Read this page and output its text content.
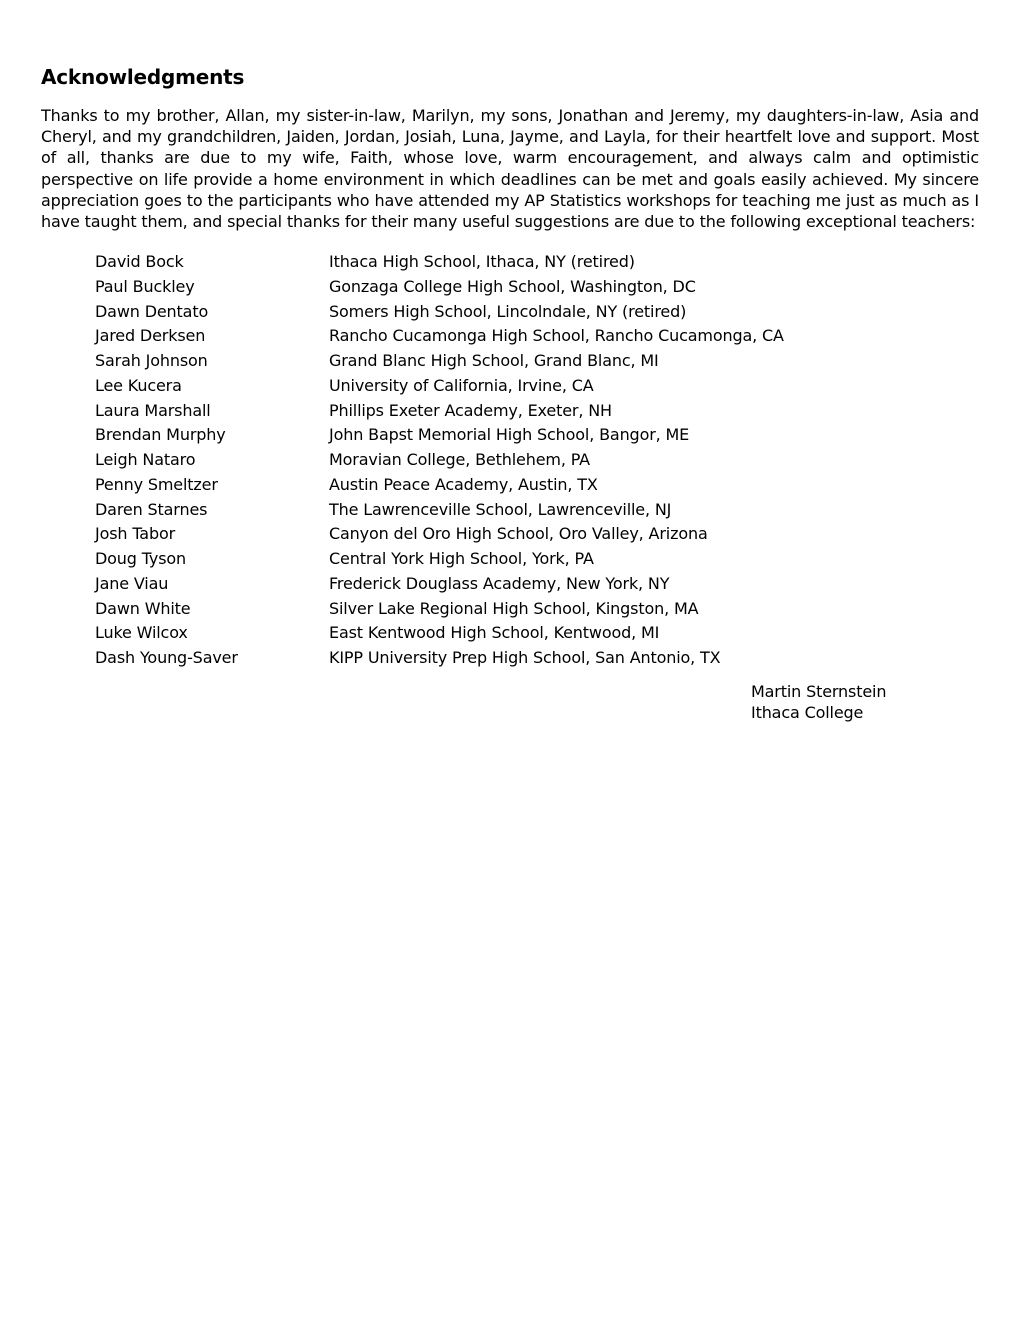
Acknowledgments

Thanks to my brother, Allan, my sister-in-law, Marilyn, my sons, Jonathan and Jeremy, my daughters-in-law, Asia and Cheryl, and my grandchildren, Jaiden, Jordan, Josiah, Luna, Jayme, and Layla, for their heartfelt love and support. Most of all, thanks are due to my wife, Faith, whose love, warm encouragement, and always calm and optimistic perspective on life provide a home environment in which deadlines can be met and goals easily achieved. My sincere appreciation goes to the participants who have attended my AP Statistics workshops for teaching me just as much as I have taught them, and special thanks for their many useful suggestions are due to the following exceptional teachers:

David Bock	Ithaca High School, Ithaca, NY (retired)
Paul Buckley	Gonzaga College High School, Washington, DC
Dawn Dentato	Somers High School, Lincolndale, NY (retired)
Jared Derksen	Rancho Cucamonga High School, Rancho Cucamonga, CA
Sarah Johnson	Grand Blanc High School, Grand Blanc, MI
Lee Kucera	University of California, Irvine, CA
Laura Marshall	Phillips Exeter Academy, Exeter, NH
Brendan Murphy	John Bapst Memorial High School, Bangor, ME
Leigh Nataro	Moravian College, Bethlehem, PA
Penny Smeltzer	Austin Peace Academy, Austin, TX
Daren Starnes	The Lawrenceville School, Lawrenceville, NJ
Josh Tabor	Canyon del Oro High School, Oro Valley, Arizona
Doug Tyson	Central York High School, York, PA
Jane Viau	Frederick Douglass Academy, New York, NY
Dawn White	Silver Lake Regional High School, Kingston, MA
Luke Wilcox	East Kentwood High School, Kentwood, MI
Dash Young-Saver	KIPP University Prep High School, San Antonio, TX
Martin Sternstein
Ithaca College
